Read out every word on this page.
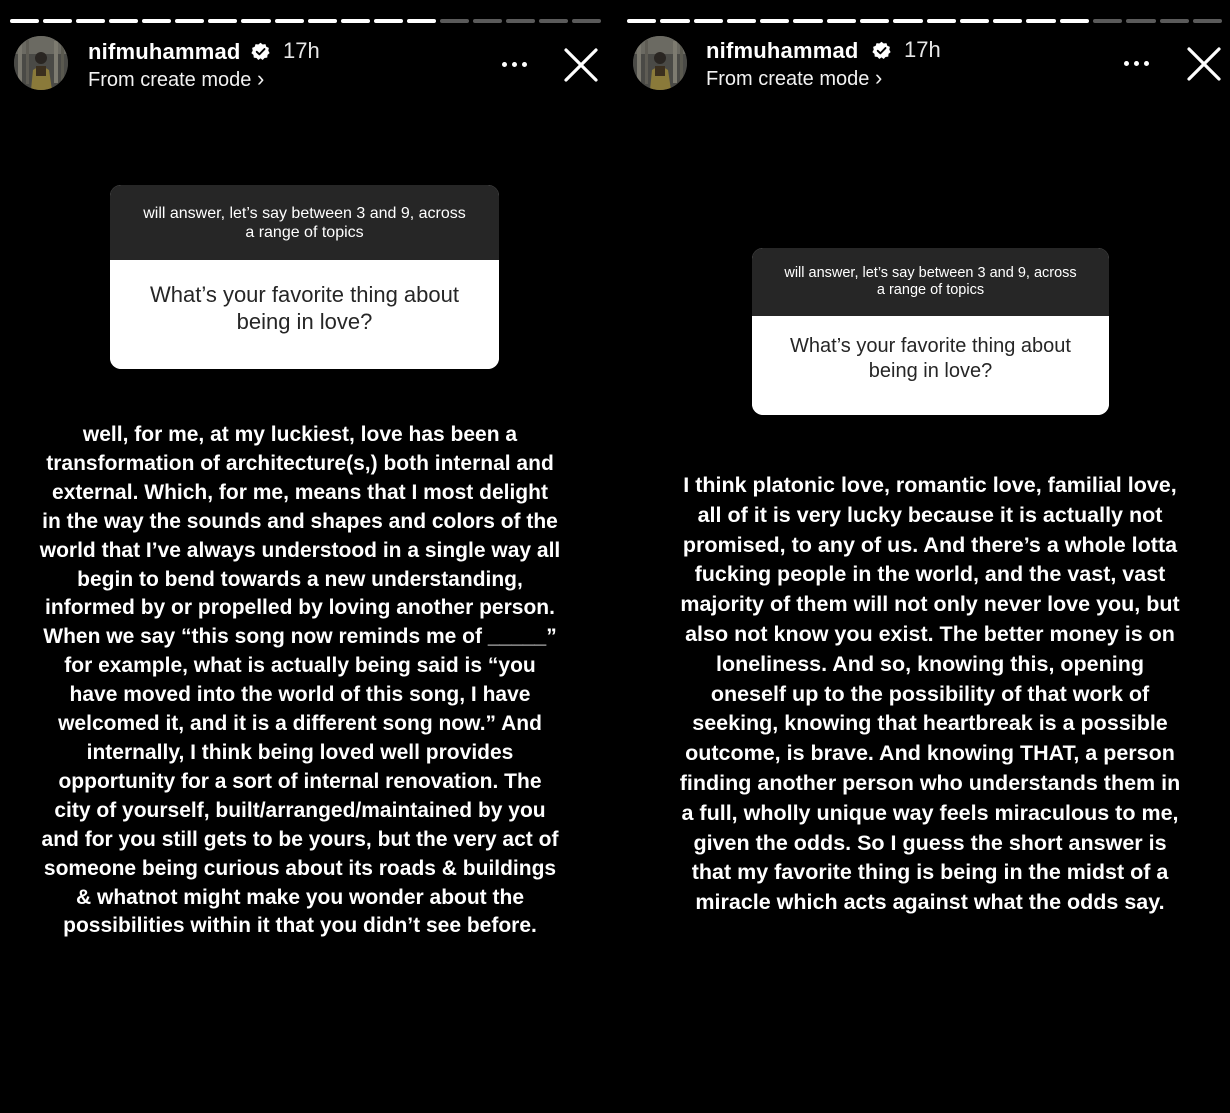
nifmuhammad 17h
From create mode ›
will answer, let’s say between 3 and 9, across
a range of topics
What’s your favorite thing about
being in love?
well, for me, at my luckiest, love has been a
transformation of architecture(s,) both internal and
external. Which, for me, means that I most delight
in the way the sounds and shapes and colors of the
world that I’ve always understood in a single way all
begin to bend towards a new understanding,
informed by or propelled by loving another person.
When we say “this song now reminds me of _____”
for example, what is actually being said is “you
have moved into the world of this song, I have
welcomed it, and it is a different song now.” And
internally, I think being loved well provides
opportunity for a sort of internal renovation. The
city of yourself, built/arranged/maintained by you
and for you still gets to be yours, but the very act of
someone being curious about its roads & buildings
& whatnot might make you wonder about the
possibilities within it that you didn’t see before.
nifmuhammad 17h
From create mode ›
will answer, let’s say between 3 and 9, across
a range of topics
What’s your favorite thing about
being in love?
I think platonic love, romantic love, familial love,
all of it is very lucky because it is actually not
promised, to any of us. And there’s a whole lotta
fucking people in the world, and the vast, vast
majority of them will not only never love you, but
also not know you exist. The better money is on
loneliness. And so, knowing this, opening
oneself up to the possibility of that work of
seeking, knowing that heartbreak is a possible
outcome, is brave. And knowing THAT, a person
finding another person who understands them in
a full, wholly unique way feels miraculous to me,
given the odds. So I guess the short answer is
that my favorite thing is being in the midst of a
miracle which acts against what the odds say.
